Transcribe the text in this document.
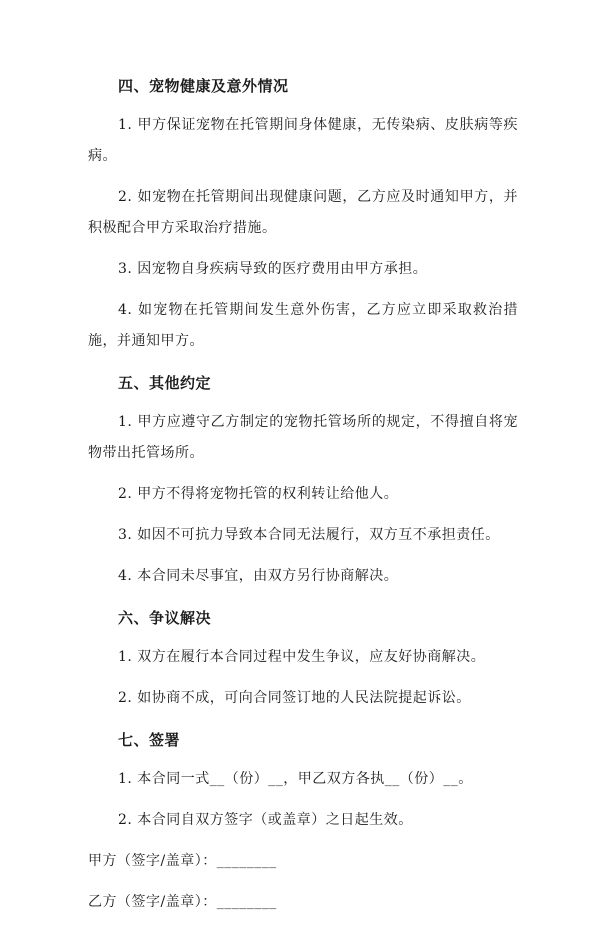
四、宠物健康及意外情况

1. 甲方保证宠物在托管期间身体健康，无传染病、皮肤病等疾病。

2. 如宠物在托管期间出现健康问题，乙方应及时通知甲方，并积极配合甲方采取治疗措施。

3. 因宠物自身疾病导致的医疗费用由甲方承担。

4. 如宠物在托管期间发生意外伤害，乙方应立即采取救治措施，并通知甲方。

五、其他约定

1. 甲方应遵守乙方制定的宠物托管场所的规定，不得擅自将宠物带出托管场所。

2. 甲方不得将宠物托管的权利转让给他人。

3. 如因不可抗力导致本合同无法履行，双方互不承担责任。

4. 本合同未尽事宜，由双方另行协商解决。

六、争议解决

1. 双方在履行本合同过程中发生争议，应友好协商解决。

2. 如协商不成，可向合同签订地的人民法院提起诉讼。

七、签署

1. 本合同一式__（份）__，甲乙双方各执__（份）__。

2. 本合同自双方签字（或盖章）之日起生效。

甲方（签字/盖章）：________

乙方（签字/盖章）：________
